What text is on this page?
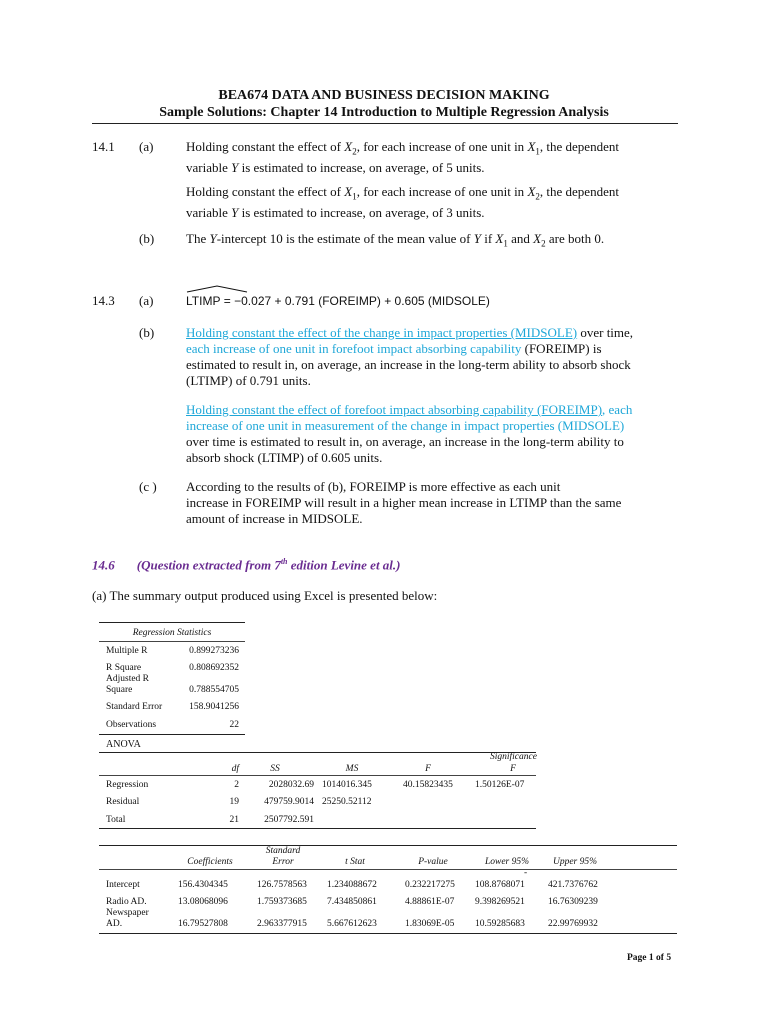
BEA674 DATA AND BUSINESS DECISION MAKING
Sample Solutions: Chapter 14 Introduction to Multiple Regression Analysis
14.1 (a)	Holding constant the effect of $X_2$, for each increase of one unit in $X_1$, the dependent
variable Y is estimated to increase, on average, of 5 units.
Holding constant the effect of $X_1$, for each increase of one unit in $X_2$, the dependent
variable Y is estimated to increase, on average, of 3 units.
(b) The Y-intercept 10 is the estimate of the mean value of Y if $X_1$ and $X_2$ are both 0.
14.3 (a)	LTIMP = −0.027 + 0.791 (FOREIMP) + 0.605 (MIDSOLE)
(b) Holding constant the effect of the change in impact properties (MIDSOLE) over time,
each increase of one unit in forefoot impact absorbing capability (FOREIMP) is
estimated to result in, on average, an increase in the long-term ability to absorb shock
(LTIMP) of 0.791 units.
Holding constant the effect of forefoot impact absorbing capability (FOREIMP), each
increase of one unit in measurement of the change in impact properties (MIDSOLE)
over time is estimated to result in, on average, an increase in the long-term ability to
absorb shock (LTIMP) of 0.605 units.
(c ) According to the results of (b), FOREIMP is more effective as each unit
increase in FOREIMP will result in a higher mean increase in LTIMP than the same
amount of increase in MIDSOLE.
14.6 (Question extracted from 7th edition Levine et al.)
(a) The summary output produced using Excel is presented below:
Regression Statistics
Multiple R	0.899273236
R Square	0.808692352
Adjusted R
Square	0.788554705
Standard Error	158.9041256
Observations	22
ANOVA
Significance
df	SS	MS	F	F
Regression	2	2028032.69 1014016.345	40.15823435 1.50126E-07
Residual	19	479759.9014 25250.52112
Total	21	2507792.591
Standard
Coefficients	Error	t Stat	P-value	Lower 95%	Upper 95%
-
Intercept	156.4304345	126.7578563 1.234088672	0.232217275 108.8768071 421.7376762
Radio AD.	13.08068096	1.759373685 7.434850861	4.88861E-07 9.398269521 16.76309239
Newspaper
AD.	16.79527808	2.963377915 5.667612623	1.83069E-05 10.59285683 22.99769932
Page 1 of 5
